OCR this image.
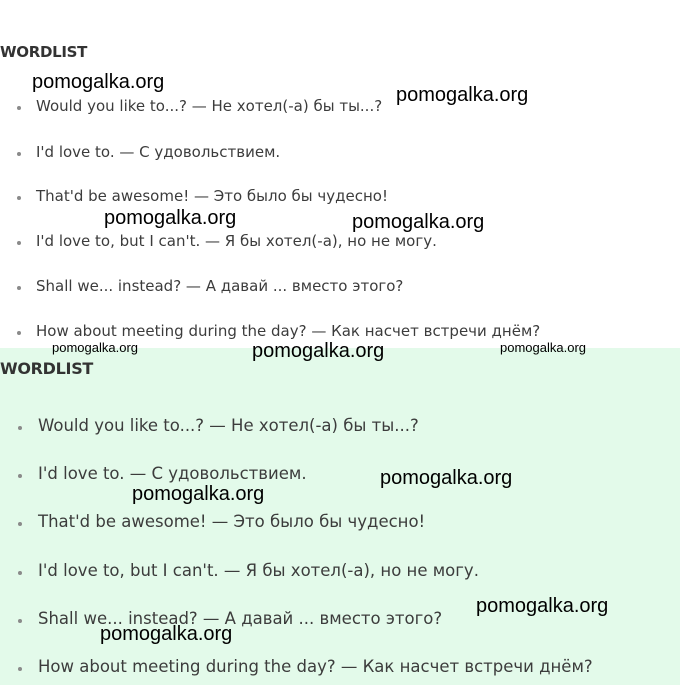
WORDLIST
Would you like to...? — Не хотел(-а) бы ты...?
I'd love to. — С удовольствием.
That'd be awesome! — Это было бы чудесно!
I'd love to, but I can't. — Я бы хотел(-а), но не могу.
Shall we... instead? — А давай ... вместо этого?
How about meeting during the day? — Как насчет встречи днём?
WORDLIST
Would you like to...? — Не хотел(-а) бы ты...?
I'd love to. — С удовольствием.
That'd be awesome! — Это было бы чудесно!
I'd love to, but I can't. — Я бы хотел(-а), но не могу.
Shall we... instead? — А давай ... вместо этого?
How about meeting during the day? — Как насчет встречи днём?
pomogalka.org
pomogalka.org
pomogalka.org	pomogalka.org
pomogalka.org	pomogalka.org	pomogalka.org
pomogalka.org
pomogalka.org
pomogalka.org
pomogalka.org
